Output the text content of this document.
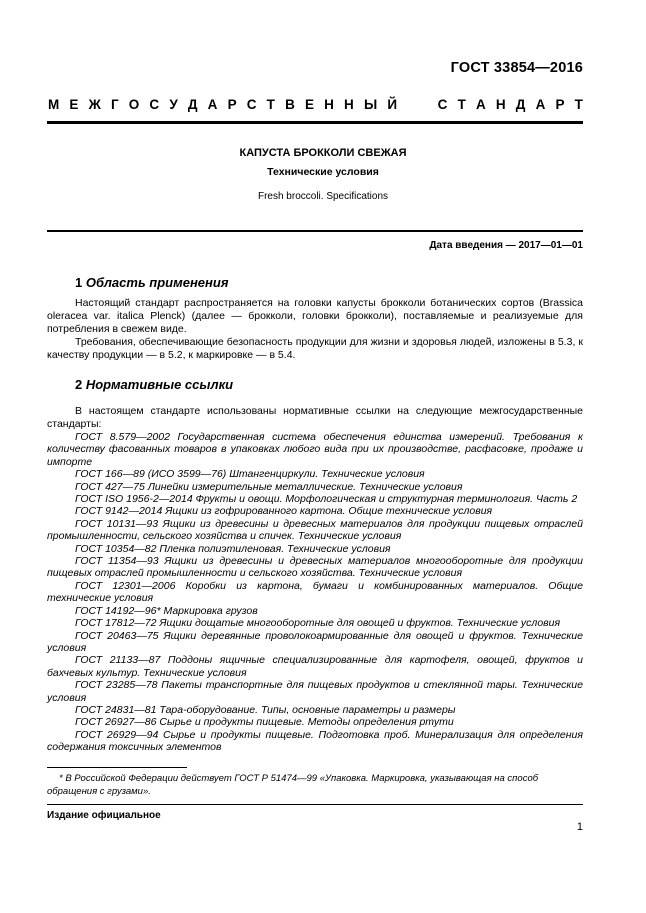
ГОСТ 33854—2016
М Е Ж Г О С У Д А Р С Т В Е Н Н Ы Й	С Т А Н Д А Р Т
КАПУСТА БРОККОЛИ СВЕЖАЯ
Технические условия
Fresh broccoli. Specifications
Дата введения — 2017—01—01
1 Область применения

Настоящий стандарт распространяется на головки капусты брокколи ботанических сортов (Brassica oleracea var. italica Plenck) (далее — брокколи, головки брокколи), поставляемые и реализуемые для потребления в свежем виде.

Требования, обеспечивающие безопасность продукции для жизни и здоровья людей, изложены в 5.3, к качеству продукции — в 5.2, к маркировке — в 5.4.

2 Нормативные ссылки

В настоящем стандарте использованы нормативные ссылки на следующие межгосударственные стандарты:

ГОСТ 8.579—2002 Государственная система обеспечения единства измерений. Требования к количеству фасованных товаров в упаковках любого вида при их производстве, расфасовке, продаже и импорте

ГОСТ 166—89 (ИСО 3599—76) Штангенциркули. Технические условия

ГОСТ 427—75 Линейки измерительные металлические. Технические условия

ГОСТ ISO 1956-2—2014 Фрукты и овощи. Морфологическая и структурная терминология. Часть 2

ГОСТ 9142—2014 Ящики из гофрированного картона. Общие технические условия

ГОСТ 10131—93 Ящики из древесины и древесных материалов для продукции пищевых отраслей промышленности, сельского хозяйства и спичек. Технические условия

ГОСТ 10354—82 Пленка полиэтиленовая. Технические условия

ГОСТ 11354—93 Ящики из древесины и древесных материалов многооборотные для продукции пищевых отраслей промышленности и сельского хозяйства. Технические условия

ГОСТ 12301—2006 Коробки из картона, бумаги и комбинированных материалов. Общие технические условия

ГОСТ 14192—96* Маркировка грузов

ГОСТ 17812—72 Ящики дощатые многооборотные для овощей и фруктов. Технические условия

ГОСТ 20463—75 Ящики деревянные проволокоармированные для овощей и фруктов. Технические условия

ГОСТ 21133—87 Поддоны ящичные специализированные для картофеля, овощей, фруктов и бахчевых культур. Технические условия

ГОСТ 23285—78 Пакеты транспортные для пищевых продуктов и стеклянной тары. Технические условия

ГОСТ 24831—81 Тара-оборудование. Типы, основные параметры и размеры

ГОСТ 26927—86 Сырье и продукты пищевые. Методы определения ртути

ГОСТ 26929—94 Сырье и продукты пищевые. Подготовка проб. Минерализация для определения содержания токсичных элементов

* В Российской Федерации действует ГОСТ Р 51474—99 «Упаковка. Маркировка, указывающая на способ обращения с грузами».

Издание официальное
1
